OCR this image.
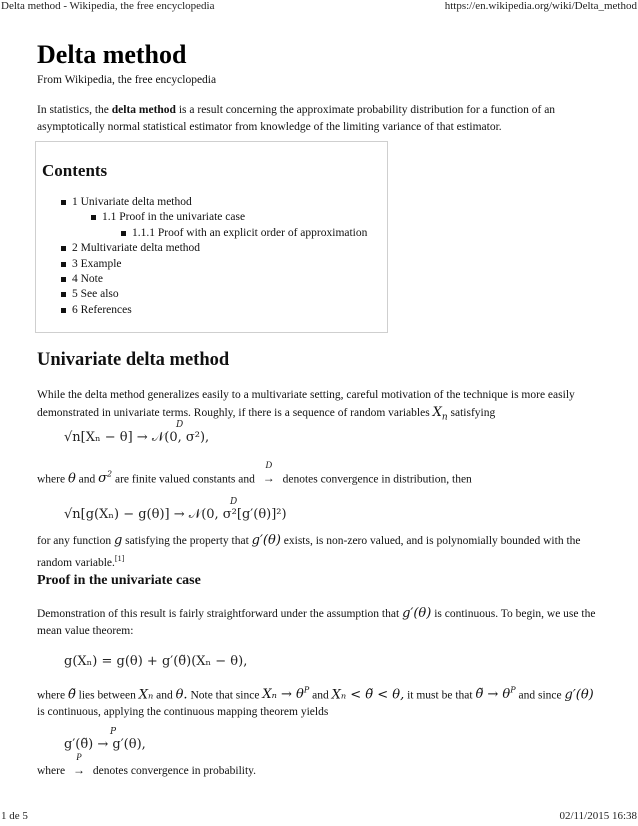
Delta method - Wikipedia, the free encyclopedia	https://en.wikipedia.org/wiki/Delta_method
1 de 5	02/11/2015 16:38
Delta method
From Wikipedia, the free encyclopedia

In statistics, the delta method is a result concerning the approximate probability distribution for a function of an asymptotically normal statistical estimator from knowledge of the limiting variance of that estimator.

Contents
1 Univariate delta method
1.1 Proof in the univariate case
1.1.1 Proof with an explicit order of approximation
2 Multivariate delta method
3 Example
4 Note
5 See also
6 References
Univariate delta method
While the delta method generalizes easily to a multivariate setting, careful motivation of the technique is more easily demonstrated in univariate terms. Roughly, if there is a sequence of random variables $X_n$ satisfying
√n[Xₙ − θ] → 𝒩(0, σ²),
D
where θ and $\sigma^2$ are finite valued constants and
D
→ denotes convergence in distribution, then
√n[g(Xₙ) − g(θ)] → 𝒩(0, σ²[g′(θ)]²)
D
for any function g satisfying the property that g′(θ) exists, is non-zero valued, and is polynomially bounded with the random variable.[1]
Proof in the univariate case
Demonstration of this result is fairly straightforward under the assumption that g′(θ) is continuous. To begin, we use the mean value theorem:
g(Xₙ) = g(θ) + g′(θ̃)(Xₙ − θ),
where θ̃ lies between Xₙ and θ. Note that since $X_n \to \theta^P$ and Xₙ < θ̃ < θ, it must be that θ̃ → $\theta^P$ and since g′(θ) is continuous, applying the continuous mapping theorem yields
g′(θ̃) → g′(θ),
P
where
P
→ denotes convergence in probability.
